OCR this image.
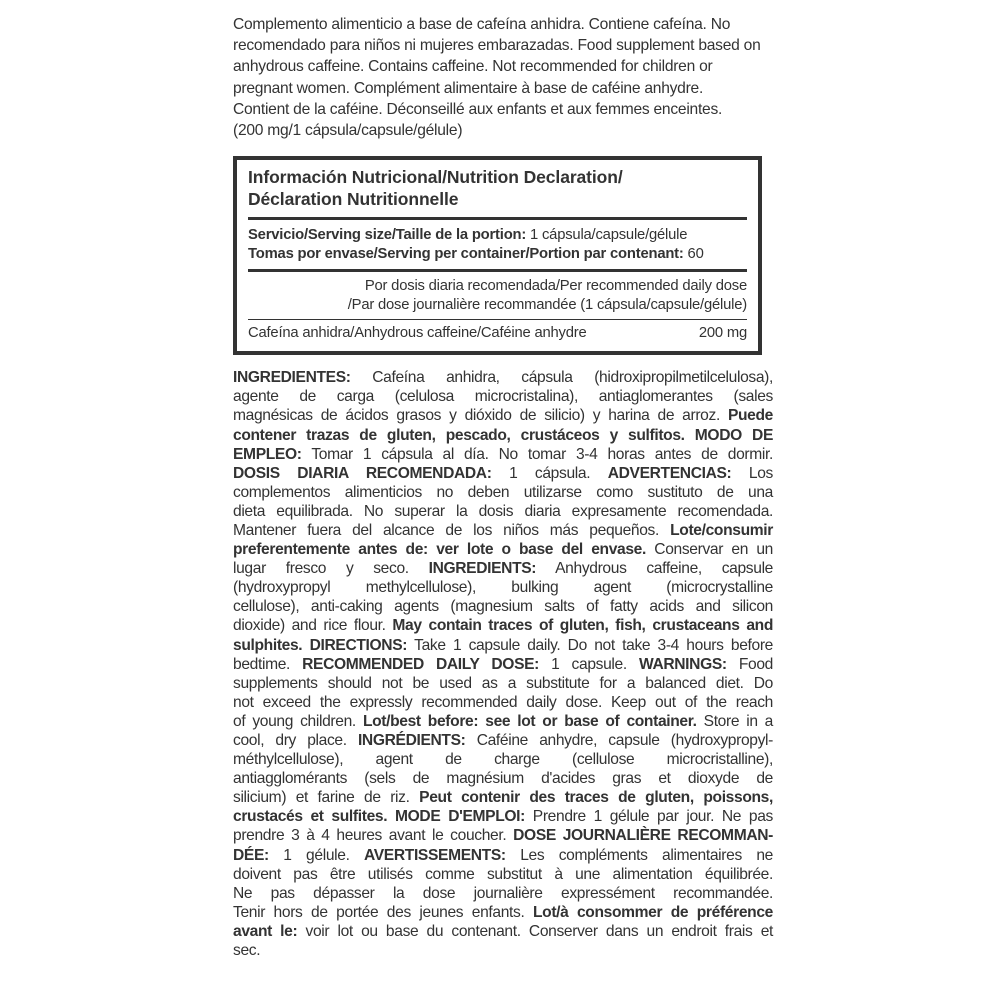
Complemento alimenticio a base de cafeína anhidra. Contiene cafeína. No
recomendado para niños ni mujeres embarazadas. Food supplement based on
anhydrous caffeine. Contains caffeine. Not recommended for children or
pregnant women. Complément alimentaire à base de caféine anhydre.
Contient de la caféine. Déconseillé aux enfants et aux femmes enceintes.
(200 mg/1 cápsula/capsule/gélule)
Información Nutricional/Nutrition Declaration/
Déclaration Nutritionnelle
Servicio/Serving size/Taille de la portion: 1 cápsula/capsule/gélule
Tomas por envase/Serving per container/Portion par contenant: 60
Por dosis diaria recomendada/Per recommended daily dose
/Par dose journalière recommandée (1 cápsula/capsule/gélule)
Cafeína anhidra/Anhydrous caffeine/Caféine anhydre	200 mg
INGREDIENTES: Cafeína anhidra, cápsula (hidroxipropilmetilcelulosa),
agente de carga (celulosa microcristalina), antiaglomerantes (sales
magnésicas de ácidos grasos y dióxido de silicio) y harina de arroz. Puede
contener trazas de gluten, pescado, crustáceos y sulfitos. MODO DE
EMPLEO: Tomar 1 cápsula al día. No tomar 3-4 horas antes de dormir.
DOSIS DIARIA RECOMENDADA: 1 cápsula. ADVERTENCIAS: Los
complementos alimenticios no deben utilizarse como sustituto de una
dieta equilibrada. No superar la dosis diaria expresamente recomendada.
Mantener fuera del alcance de los niños más pequeños. Lote/consumir
preferentemente antes de: ver lote o base del envase. Conservar en un
lugar fresco y seco. INGREDIENTS: Anhydrous caffeine, capsule
(hydroxypropyl methylcellulose), bulking agent (microcrystalline
cellulose), anti-caking agents (magnesium salts of fatty acids and silicon
dioxide) and rice flour. May contain traces of gluten, fish, crustaceans and
sulphites. DIRECTIONS: Take 1 capsule daily. Do not take 3-4 hours before
bedtime. RECOMMENDED DAILY DOSE: 1 capsule. WARNINGS: Food
supplements should not be used as a substitute for a balanced diet. Do
not exceed the expressly recommended daily dose. Keep out of the reach
of young children. Lot/best before: see lot or base of container. Store in a
cool, dry place. INGRÉDIENTS: Caféine anhydre, capsule (hydroxypropyl-
méthylcellulose), agent de charge (cellulose microcristalline),
antiagglomérants (sels de magnésium d'acides gras et dioxyde de
silicium) et farine de riz. Peut contenir des traces de gluten, poissons,
crustacés et sulfites. MODE D'EMPLOI: Prendre 1 gélule par jour. Ne pas
prendre 3 à 4 heures avant le coucher. DOSE JOURNALIÈRE RECOMMAN-
DÉE: 1 gélule. AVERTISSEMENTS: Les compléments alimentaires ne
doivent pas être utilisés comme substitut à une alimentation équilibrée.
Ne pas dépasser la dose journalière expressément recommandée.
Tenir hors de portée des jeunes enfants. Lot/à consommer de préférence
avant le: voir lot ou base du contenant. Conserver dans un endroit frais et
sec.
